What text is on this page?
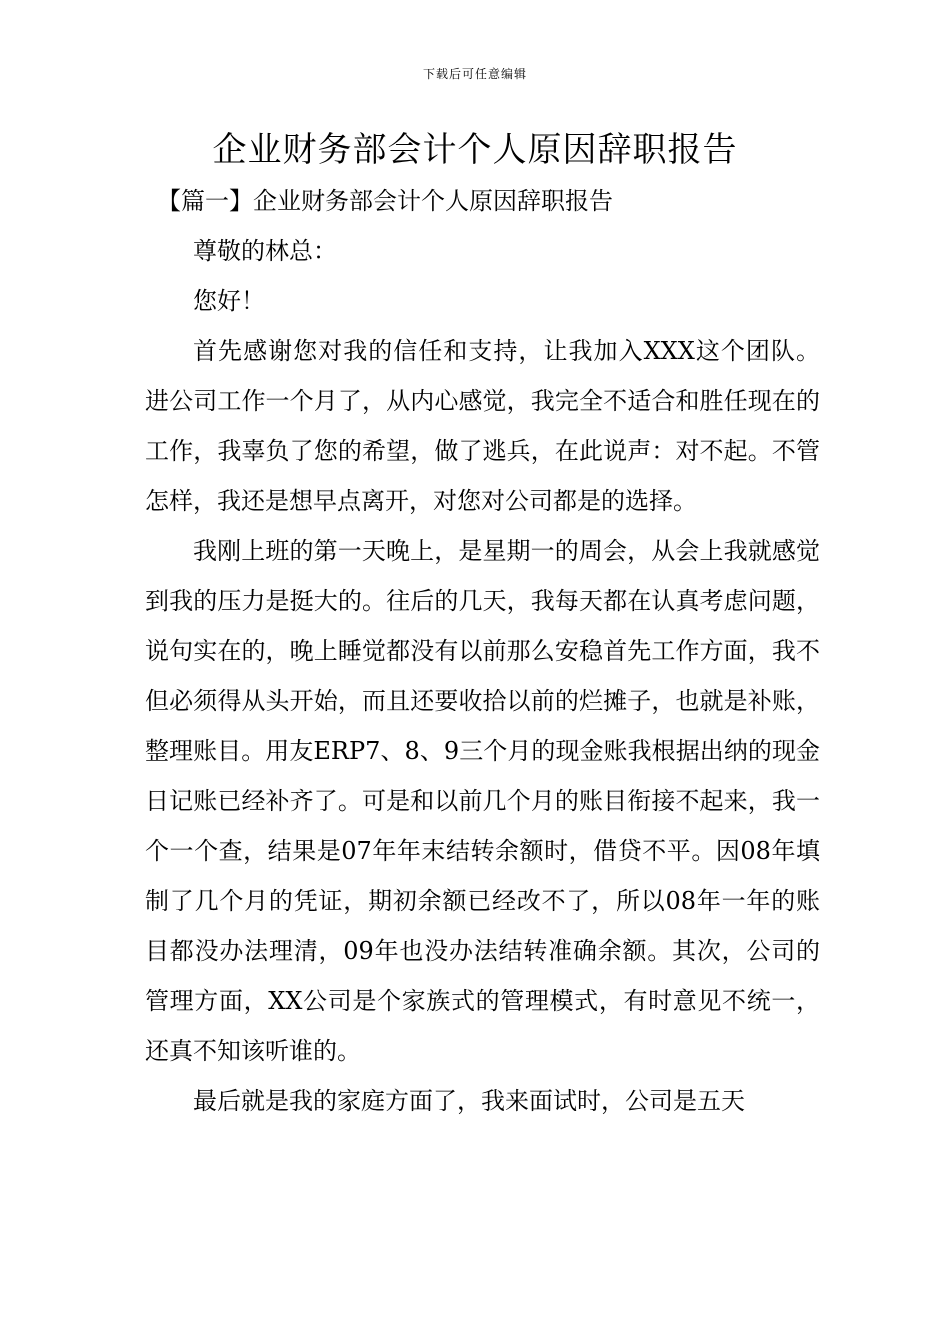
下载后可任意编辑
企业财务部会计个人原因辞职报告

【篇一】企业财务部会计个人原因辞职报告

尊敬的林总：

您好！

首先感谢您对我的信任和支持，让我加入XXX这个团队。进公司工作一个月了，从内心感觉，我完全不适合和胜任现在的工作，我辜负了您的希望，做了逃兵，在此说声：对不起。不管怎样，我还是想早点离开，对您对公司都是的选择。

我刚上班的第一天晚上，是星期一的周会，从会上我就感觉到我的压力是挺大的。往后的几天，我每天都在认真考虑问题，说句实在的，晚上睡觉都没有以前那么安稳首先工作方面，我不但必须得从头开始，而且还要收拾以前的烂摊子，也就是补账，整理账目。用友ERP7、8、9三个月的现金账我根据出纳的现金日记账已经补齐了。可是和以前几个月的账目衔接不起来，我一个一个查，结果是07年年末结转余额时，借贷不平。因08年填制了几个月的凭证，期初余额已经改不了，所以08年一年的账目都没办法理清，09年也没办法结转准确余额。其次，公司的管理方面，XX公司是个家族式的管理模式，有时意见不统一，还真不知该听谁的。

最后就是我的家庭方面了，我来面试时，公司是五天
